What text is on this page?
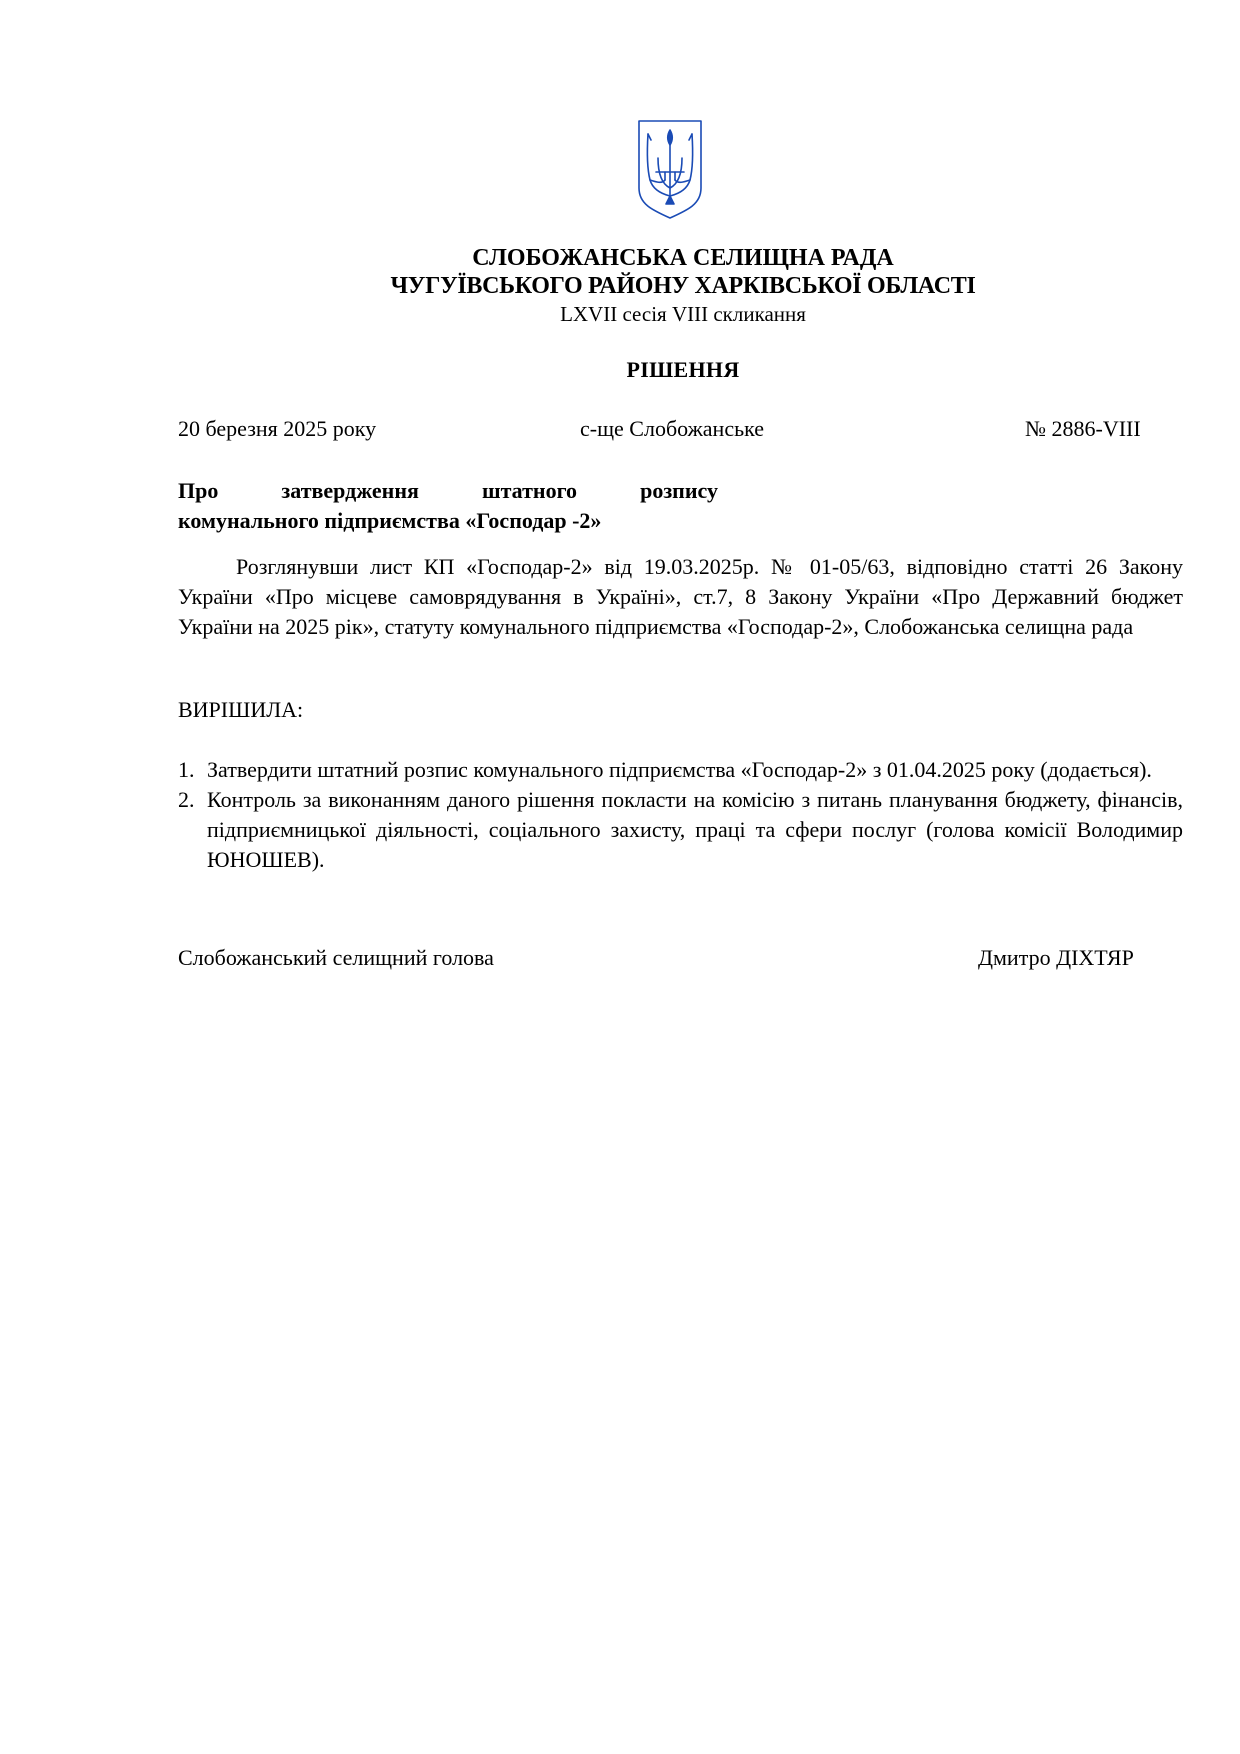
СЛОБОЖАНСЬКА СЕЛИЩНА РАДА
ЧУГУЇВСЬКОГО РАЙОНУ ХАРКІВСЬКОЇ ОБЛАСТІ
LXVII сесія VIII скликання
РІШЕННЯ
20 березня 2025 року	с-ще Слобожанське	№ 2886-VIII
Про затвердження штатного розпису
комунального підприємства «Господар -2»
Розглянувши лист КП «Господар-2» від 19.03.2025р. № 01-05/63, відповідно статті 26 Закону України «Про місцеве самоврядування в Україні», ст.7, 8 Закону України «Про Державний бюджет України на 2025 рік», статуту комунального підприємства «Господар-2», Слобожанська селищна рада
ВИРІШИЛА:
1. Затвердити штатний розпис комунального підприємства «Господар-2» з 01.04.2025 року (додається).
2. Контроль за виконанням даного рішення покласти на комісію з питань планування бюджету, фінансів, підприємницької діяльності, соціального захисту, праці та сфери послуг (голова комісії Володимир ЮНОШЕВ).
Слобожанський селищний голова	Дмитро ДІХТЯР
